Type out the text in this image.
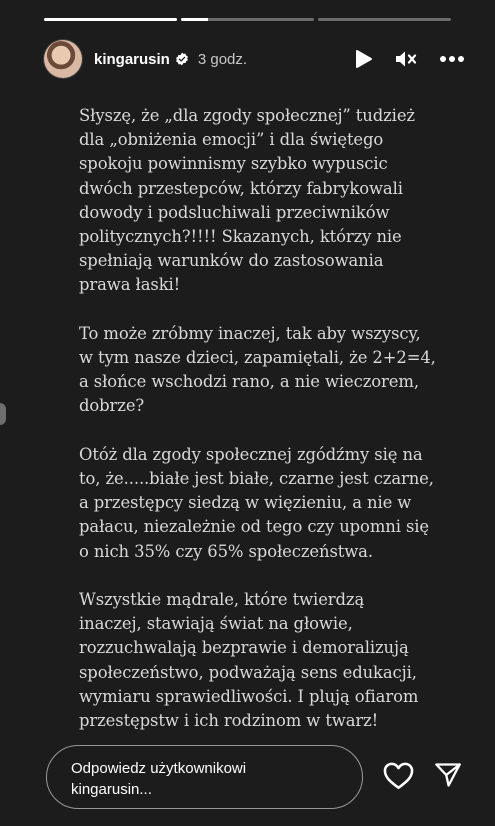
kingarusin 3 godz.
Słyszę, że „dla zgody społecznej” tudzież
dla „obniżenia emocji” i dla świętego
spokoju powinnismy szybko wypuscic
dwóch przestepców, którzy fabrykowali
dowody i podsluchiwali przeciwników
politycznych?!!!! Skazanych, którzy nie
spełniają warunków do zastosowania
prawa łaski!
To może zróbmy inaczej, tak aby wszyscy,
w tym nasze dzieci, zapamiętali, że 2+2=4,
a słońce wschodzi rano, a nie wieczorem,
dobrze?
Otóż dla zgody społecznej zgódźmy się na
to, że.....białe jest białe, czarne jest czarne,
a przestępcy siedzą w więzieniu, a nie w
pałacu, niezależnie od tego czy upomni się
o nich 35% czy 65% społeczeństwa.
Wszystkie mądrale, które twierdzą
inaczej, stawiają świat na głowie,
rozzuchwalają bezprawie i demoralizują
społeczeństwo, podważają sens edukacji,
wymiaru sprawiedliwości. I plują ofiarom
przestępstw i ich rodzinom w twarz!
Odpowiedz użytkownikowi
kingarusin...
